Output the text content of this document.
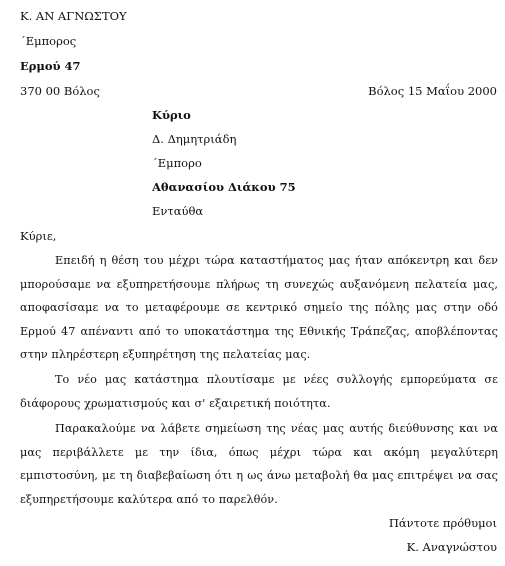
Κ. ΑΝ ΑΓΝΩΣΤΟΥ
΄Εμπορος
Ερμού 47
370 00 Βόλος	Βόλος 15 Μαΐου 2000
Κύριο
Δ. Δημητριάδη
΄Εμπορο
Αθανασίου Διάκου 75
Ενταύθα
Κύριε,
Επειδή η θέση του μέχρι τώρα καταστήματος μας ήταν απόκεντρη και δεν μπορούσαμε να εξυπηρετήσουμε πλήρως τη συνεχώς αυξανόμενη πελατεία μας, αποφασίσαμε να το μεταφέρουμε σε κεντρικό σημείο της πόλης μας στην οδό Ερμού 47 απέναντι από το υποκατάστημα της Εθνικής Τράπεζας, αποβλέποντας στην πληρέστερη εξυπηρέτηση της πελατείας μας.
Το νέο μας κατάστημα πλουτίσαμε με νέες συλλογής εμπορεύματα σε διάφορους χρωματισμούς και σ' εξαιρετική ποιότητα.
Παρακαλούμε να λάβετε σημείωση της νέας μας αυτής διεύθυνσης και να μας περιβάλλετε με την ίδια, όπως μέχρι τώρα και ακόμη μεγαλύτερη εμπιστοσύνη, με τη διαβεβαίωση ότι η ως άνω μεταβολή θα μας επιτρέψει να σας εξυπηρετήσουμε καλύτερα από το παρελθόν.
Πάντοτε πρόθυμοι
Κ. Αναγνώστου
